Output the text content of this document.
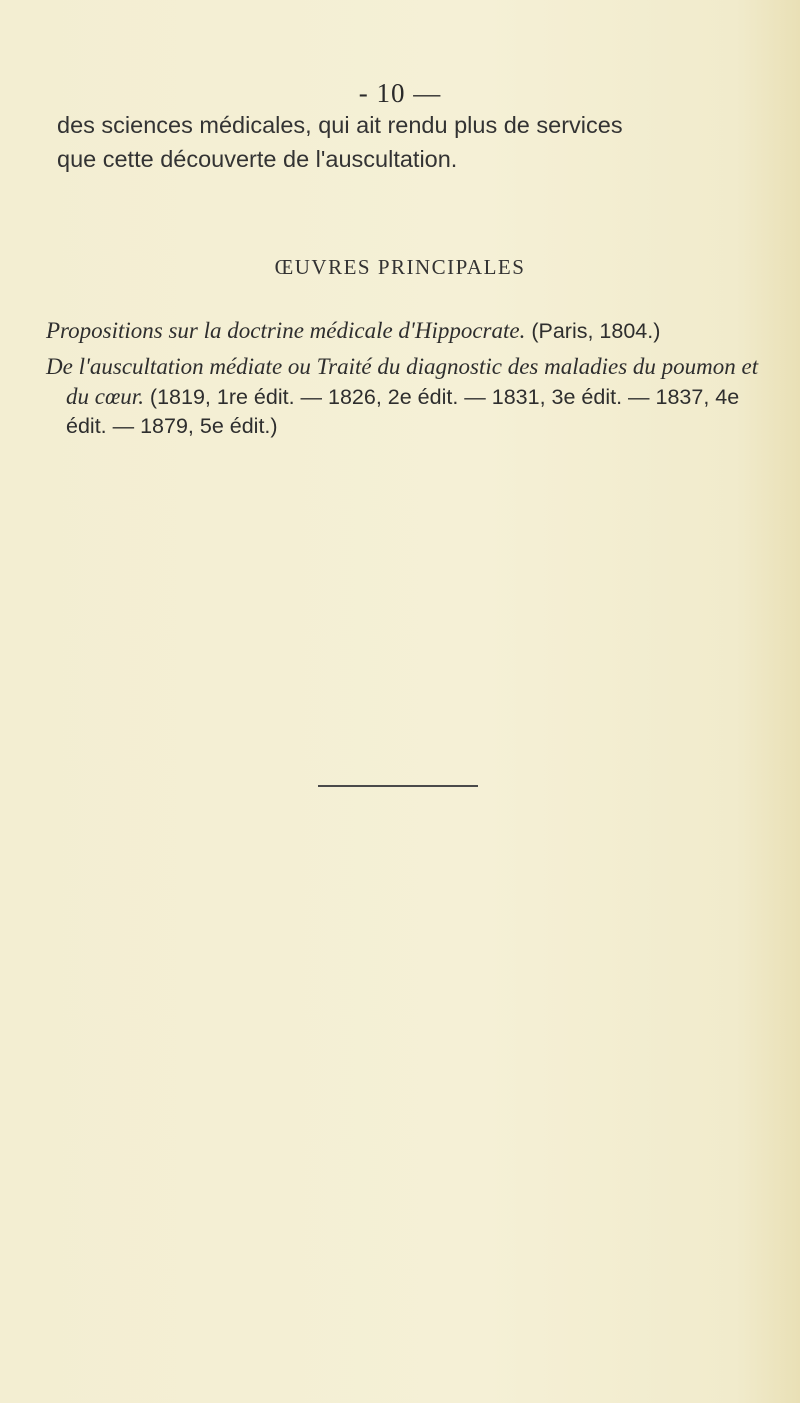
- 10 —
des sciences médicales, qui ait rendu plus de services
que cette découverte de l'auscultation.
ŒUVRES PRINCIPALES
Propositions sur la doctrine médicale d'Hippocrate. (Paris, 1804.)
De l'auscultation médiate ou Traité du diagnostic des maladies du poumon et du cœur. (1819, 1re édit. — 1826, 2e édit. — 1831, 3e édit. — 1837, 4e édit. — 1879, 5e édit.)
